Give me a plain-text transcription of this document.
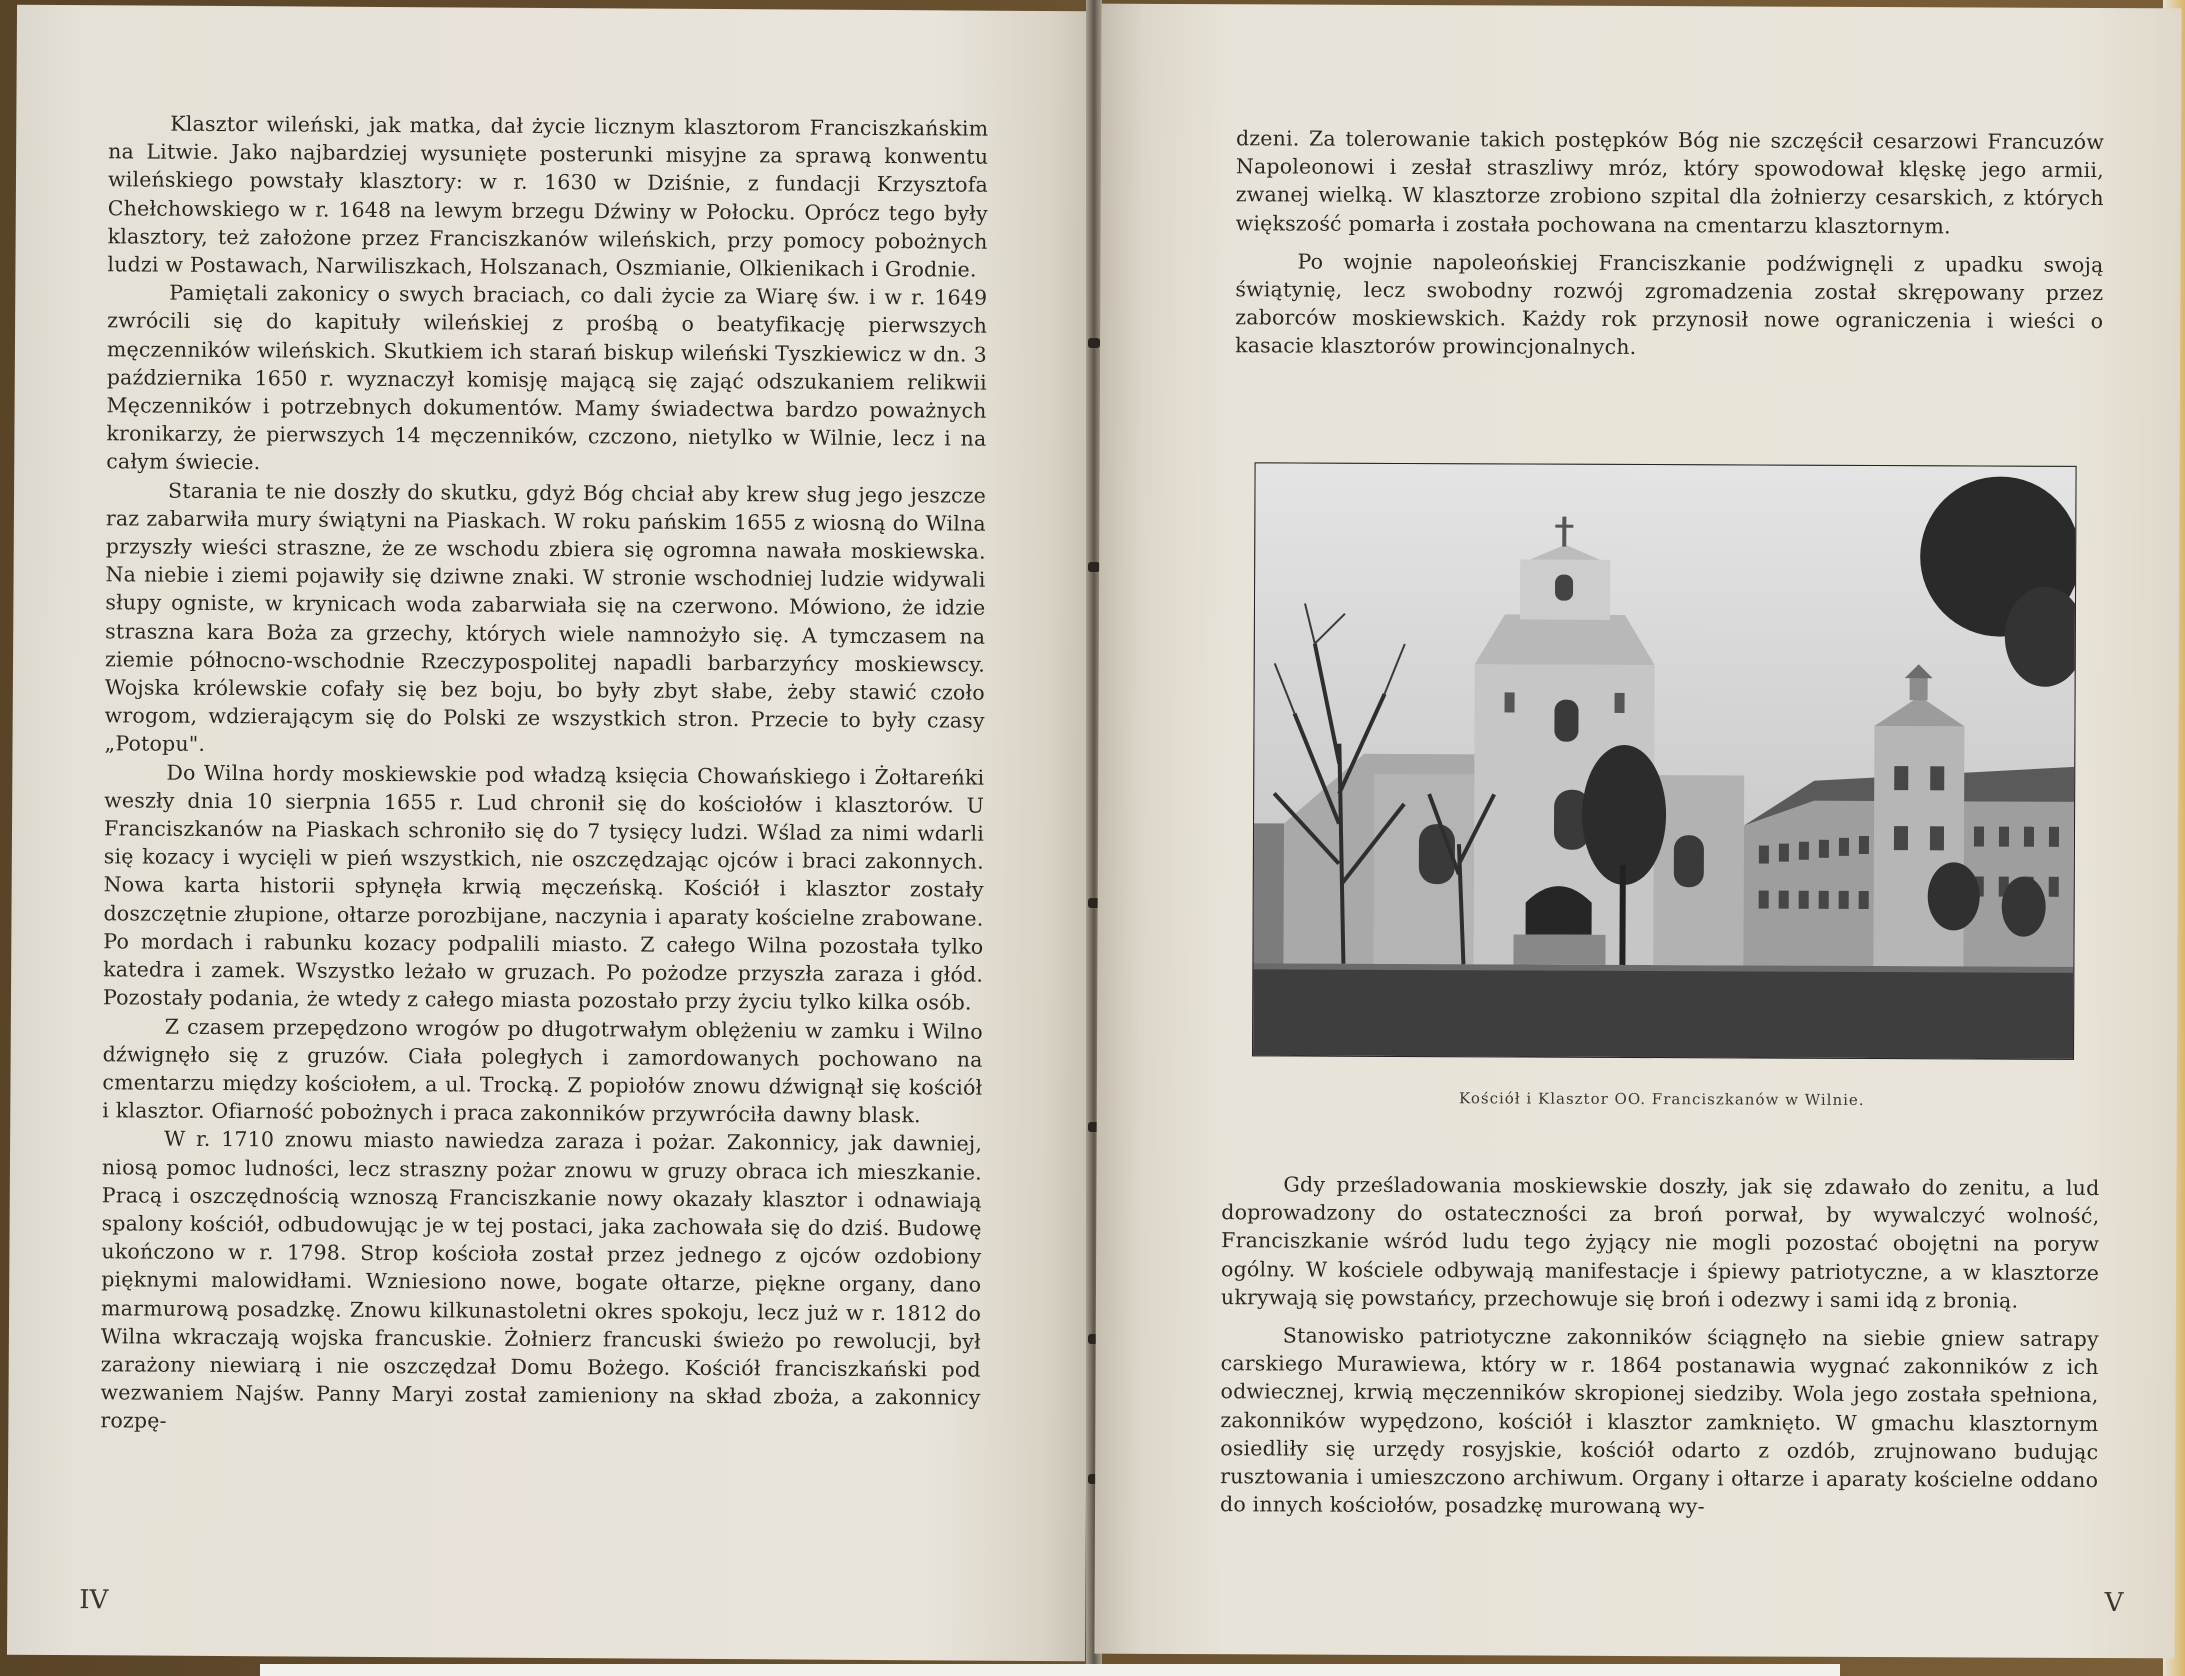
Klasztor wileński, jak matka, dał życie licznym klasztorom Franciszkańskim na Litwie. Jako najbardziej wysunięte posterunki misyjne za sprawą konwentu wileńskiego powstały klasztory: w r. 1630 w Dziśnie, z fundacji Krzysztofa Chełchowskiego w r. 1648 na lewym brzegu Dźwiny w Połocku. Oprócz tego były klasztory, też założone przez Franciszkanów wileńskich, przy pomocy pobożnych ludzi w Postawach, Narwiliszkach, Holszanach, Oszmianie, Olkienikach i Grodnie.

Pamiętali zakonicy o swych braciach, co dali życie za Wiarę św. i w r. 1649 zwrócili się do kapituły wileńskiej z prośbą o beatyfikację pierwszych męczenników wileńskich. Skutkiem ich starań biskup wileński Tyszkiewicz w dn. 3 października 1650 r. wyznaczył komisję mającą się zająć odszukaniem relikwii Męczenników i potrzebnych dokumentów. Mamy świadectwa bardzo poważnych kronikarzy, że pierwszych 14 męczenników, czczono, nietylko w Wilnie, lecz i na całym świecie.

Starania te nie doszły do skutku, gdyż Bóg chciał aby krew sług jego jeszcze raz zabarwiła mury świątyni na Piaskach. W roku pańskim 1655 z wiosną do Wilna przyszły wieści straszne, że ze wschodu zbiera się ogromna nawała moskiewska. Na niebie i ziemi pojawiły się dziwne znaki. W stronie wschodniej ludzie widywali słupy ogniste, w krynicach woda zabarwiała się na czerwono. Mówiono, że idzie straszna kara Boża za grzechy, których wiele namnożyło się. A tymczasem na ziemie północno-wschodnie Rzeczypospolitej napadli barbarzyńcy moskiewscy. Wojska królewskie cofały się bez boju, bo były zbyt słabe, żeby stawić czoło wrogom, wdzierającym się do Polski ze wszystkich stron. Przecie to były czasy „Potopu".

Do Wilna hordy moskiewskie pod władzą księcia Chowańskiego i Żołtareńki weszły dnia 10 sierpnia 1655 r. Lud chronił się do kościołów i klasztorów. U Franciszkanów na Piaskach schroniło się do 7 tysięcy ludzi. Wślad za nimi wdarli się kozacy i wycięli w pień wszystkich, nie oszczędzając ojców i braci zakonnych. Nowa karta historii spłynęła krwią męczeńską. Kościół i klasztor zostały doszczętnie złupione, ołtarze porozbijane, naczynia i aparaty kościelne zrabowane. Po mordach i rabunku kozacy podpalili miasto. Z całego Wilna pozostała tylko katedra i zamek. Wszystko leżało w gruzach. Po pożodze przyszła zaraza i głód. Pozostały podania, że wtedy z całego miasta pozostało przy życiu tylko kilka osób.

Z czasem przepędzono wrogów po długotrwałym oblężeniu w zamku i Wilno dźwignęło się z gruzów. Ciała poległych i zamordowanych pochowano na cmentarzu między kościołem, a ul. Trocką. Z popiołów znowu dźwignął się kościół i klasztor. Ofiarność pobożnych i praca zakonników przywróciła dawny blask.

W r. 1710 znowu miasto nawiedza zaraza i pożar. Zakonnicy, jak dawniej, niosą pomoc ludności, lecz straszny pożar znowu w gruzy obraca ich mieszkanie. Pracą i oszczędnością wznoszą Franciszkanie nowy okazały klasztor i odnawiają spalony kościół, odbudowując je w tej postaci, jaka zachowała się do dziś. Budowę ukończono w r. 1798. Strop kościoła został przez jednego z ojców ozdobiony pięknymi malowidłami. Wzniesiono nowe, bogate ołtarze, piękne organy, dano marmurową posadzkę. Znowu kilkunastoletni okres spokoju, lecz już w r. 1812 do Wilna wkraczają wojska francuskie. Żołnierz francuski świeżo po rewolucji, był zarażony niewiarą i nie oszczędzał Domu Bożego. Kościół franciszkański pod wezwaniem Najśw. Panny Maryi został zamieniony na skład zboża, a zakonnicy rozpę-

IV

dzeni. Za tolerowanie takich postępków Bóg nie szczęścił cesarzowi Francuzów Napoleonowi i zesłał straszliwy mróz, który spowodował klęskę jego armii, zwanej wielką. W klasztorze zrobiono szpital dla żołnierzy cesarskich, z których większość pomarła i została pochowana na cmentarzu klasztornym.

Po wojnie napoleońskiej Franciszkanie podźwignęli z upadku swoją świątynię, lecz swobodny rozwój zgromadzenia został skrępowany przez zaborców moskiewskich. Każdy rok przynosił nowe ograniczenia i wieści o kasacie klasztorów prowincjonalnych.

Kościół i Klasztor OO. Franciszkanów w Wilnie.

Gdy prześladowania moskiewskie doszły, jak się zdawało do zenitu, a lud doprowadzony do ostateczności za broń porwał, by wywalczyć wolność, Franciszkanie wśród ludu tego żyjący nie mogli pozostać obojętni na poryw ogólny. W kościele odbywają manifestacje i śpiewy patriotyczne, a w klasztorze ukrywają się powstańcy, przechowuje się broń i odezwy i sami idą z bronią.

Stanowisko patriotyczne zakonników ściągnęło na siebie gniew satrapy carskiego Murawiewa, który w r. 1864 postanawia wygnać zakonników z ich odwiecznej, krwią męczenników skropionej siedziby. Wola jego została spełniona, zakonników wypędzono, kościół i klasztor zamknięto. W gmachu klasztornym osiedliły się urzędy rosyjskie, kościół odarto z ozdób, zrujnowano budując rusztowania i umieszczono archiwum. Organy i ołtarze i aparaty kościelne oddano do innych kościołów, posadzkę murowaną wy-

V
